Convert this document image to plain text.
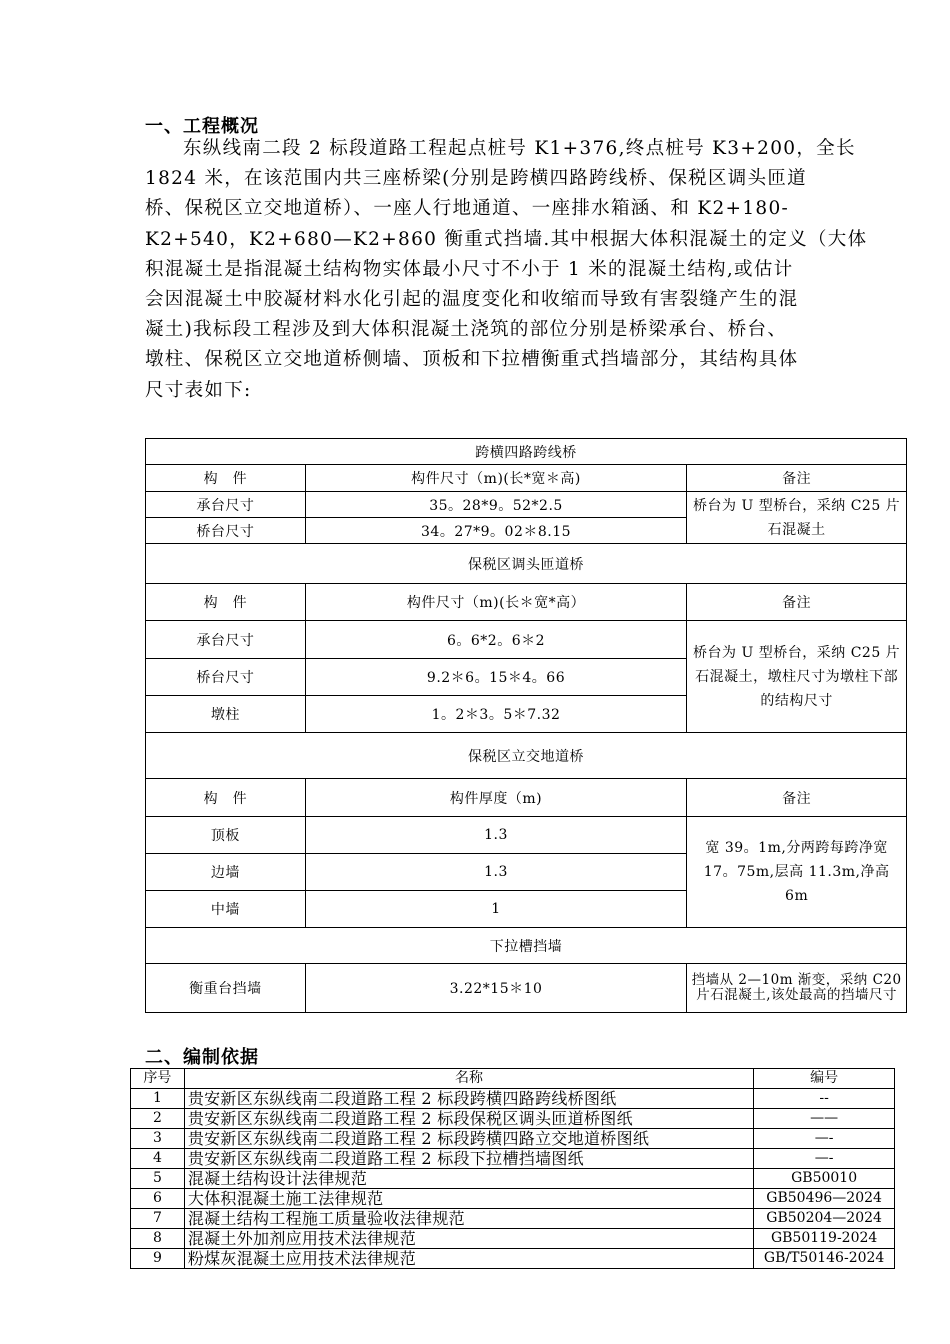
一、工程概况
东纵线南二段 2 标段道路工程起点桩号 K1+376,终点桩号 K3+200，全长
1824 米，在该范围内共三座桥梁(分别是跨横四路跨线桥、保税区调头匝道
桥、保税区立交地道桥）、一座人行地通道、一座排水箱涵、和 K2+180-
K2+540，K2+680—K2+860 衡重式挡墙.其中根据大体积混凝土的定义（大体
积混凝土是指混凝土结构物实体最小尺寸不小于 1 米的混凝土结构,或估计
会因混凝土中胶凝材料水化引起的温度变化和收缩而导致有害裂缝产生的混
凝土)我标段工程涉及到大体积混凝土浇筑的部位分别是桥梁承台、桥台、
墩柱、保税区立交地道桥侧墙、顶板和下拉槽衡重式挡墙部分，其结构具体
尺寸表如下:
跨横四路跨线桥		
构　件	构件尺寸（m)(长*宽＊高)	备注
承台尺寸	35。28*9。52*2.5	桥台为 U 型桥台，采纳 C25 片石混凝土
桥台尺寸	34。27*9。02＊8.15	
保税区调头匝道桥		
构　件	构件尺寸（m)(长＊宽*高）	备注
承台尺寸	6。6*2。6＊2	桥台为 U 型桥台，采纳 C25 片石混凝土，墩柱尺寸为墩柱下部的结构尺寸
桥台尺寸	9.2＊6。15＊4。66	
墩柱	1。2＊3。5＊7.32	
保税区立交地道桥		
构　件	构件厚度（m)	备注
顶板	1.3	宽 39。1m,分两跨每跨净宽 17。75m,层高 11.3m,净高 6m
边墙	1.3	
中墙	1	
下拉槽挡墙		
衡重台挡墙	3.22*15＊10	挡墙从 2—10m 渐变，采纳 C20 片石混凝土,该处最高的挡墙尺寸
二、编制依据
序号	名称	编号
1	贵安新区东纵线南二段道路工程 2 标段跨横四路跨线桥图纸	--
2	贵安新区东纵线南二段道路工程 2 标段保税区调头匝道桥图纸	——
3	贵安新区东纵线南二段道路工程 2 标段跨横四路立交地道桥图纸	—-
4	贵安新区东纵线南二段道路工程 2 标段下拉槽挡墙图纸	—-
5	混凝土结构设计法律规范	GB50010
6	大体积混凝土施工法律规范	GB50496—2024
7	混凝土结构工程施工质量验收法律规范	GB50204—2024
8	混凝土外加剂应用技术法律规范	GB50119-2024
9	粉煤灰混凝土应用技术法律规范	GB/T50146-2024
